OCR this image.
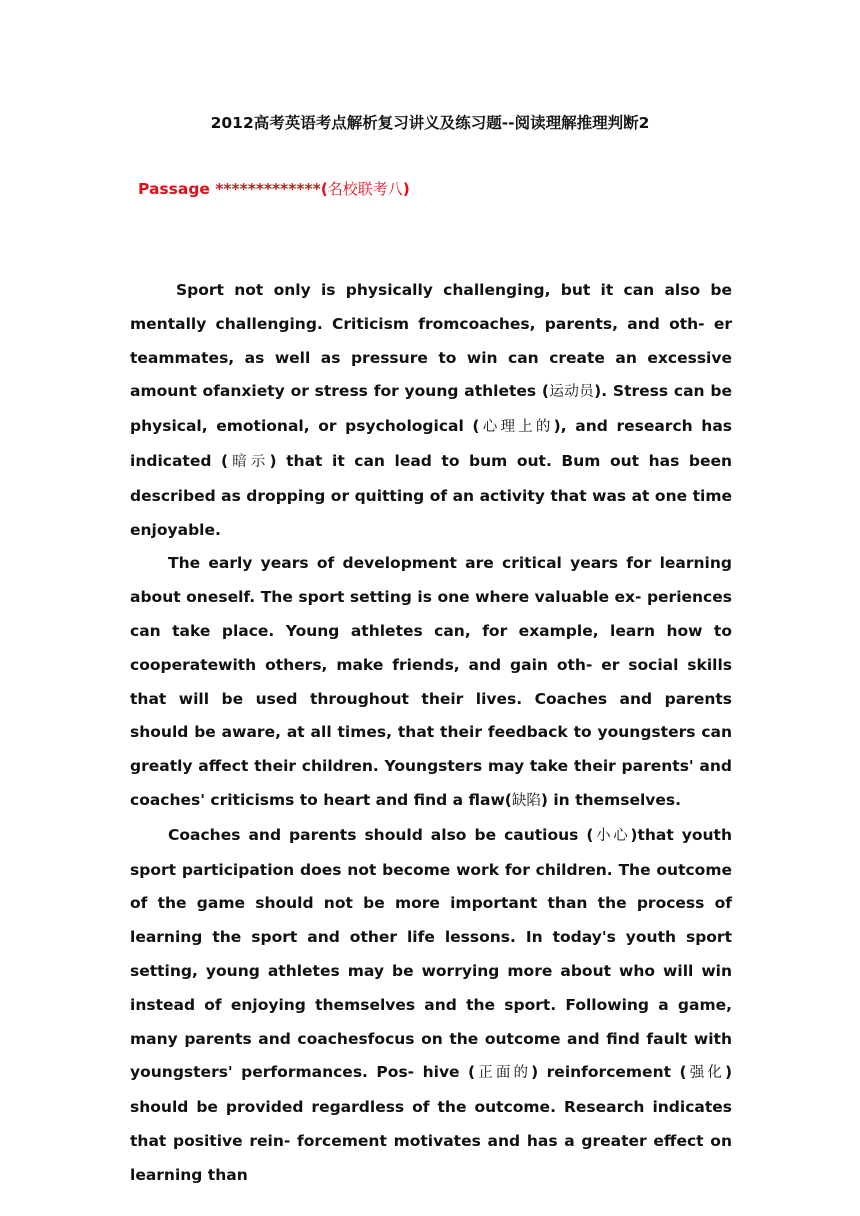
2012高考英语考点解析复习讲义及练习题--阅读理解推理判断2
Passage *************(名校联考八)

Sport not only is physically challenging, but it can also be mentally challenging. Criticism fromcoaches, parents, and oth- er teammates, as well as pressure to win can create an excessive amount ofanxiety or stress for young athletes (运动员). Stress can be physical, emotional, or psychological (心理上的), and research has indicated (暗示) that it can lead to bum out. Bum out has been described as dropping or quitting of an activity that was at one time enjoyable.

The early years of development are critical years for learning about oneself. The sport setting is one where valuable ex- periences can take place. Young athletes can, for example, learn how to cooperatewith others, make friends, and gain oth- er social skills that will be used throughout their lives. Coaches and parents should be aware, at all times, that their feedback to youngsters can greatly affect their children. Youngsters may take their parents' and coaches' criticisms to heart and find a flaw(缺陷) in themselves.

Coaches and parents should also be cautious (小心)that youth sport participation does not become work for children. The outcome of the game should not be more important than the process of learning the sport and other life lessons. In today's youth sport setting, young athletes may be worrying more about who will win instead of enjoying themselves and the sport. Following a game, many parents and coachesfocus on the outcome and find fault with youngsters' performances. Pos- hive (正面的) reinforcement (强化) should be provided regardless of the outcome. Research indicates that positive rein- forcement motivates and has a greater effect on learning than
